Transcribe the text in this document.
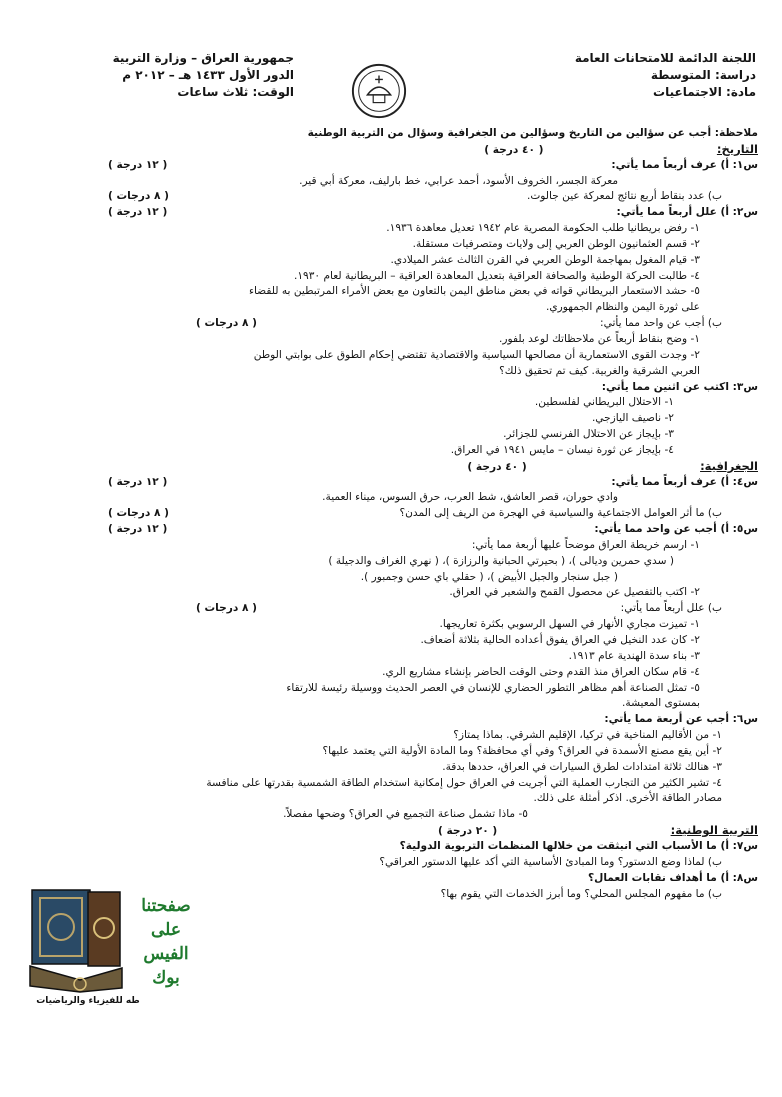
اللجنة الدائمة للامتحانات العامة
دراسة: المتوسطة
مادة: الاجتماعيات
جمهورية العراق – وزارة التربية
الدور الأول ١٤٣٣ هـ – ٢٠١٢ م
الوقت: ثلاث ساعات
ملاحظة: أجب عن سؤالين من التاريخ وسؤالين من الجغرافية وسؤال من التربية الوطنية
التاريخ: ( ٤٠ درجة )
س١: أ) عرف أربعاً مما يأتي:
( ١٢ درجة )
معركة الجسر، الخروف الأسود، أحمد عرابي، خط بارليف، معركة أبي قير.
ب) عدد بنقاط أربع نتائج لمعركة عين جالوت.
( ٨ درجات )
س٢: أ) علل أربعاً مما يأتي:
( ١٢ درجة )
١- رفض بريطانيا طلب الحكومة المصرية عام ١٩٤٢ تعديل معاهدة ١٩٣٦.
٢- قسم العثمانيون الوطن العربي إلى ولايات ومتصرفيات مستقلة.
٣- قيام المغول بمهاجمة الوطن العربي في القرن الثالث عشر الميلادي.
٤- طالبت الحركة الوطنية والصحافة العراقية بتعديل المعاهدة العراقية – البريطانية لعام ١٩٣٠.
٥- حشد الاستعمار البريطاني قواته في بعض مناطق اليمن بالتعاون مع بعض الأمراء المرتبطين به للقضاء
على ثورة اليمن والنظام الجمهوري.
ب) أجب عن واحد مما يأتي:
( ٨ درجات )
١- وضح بنقاط أربعاً عن ملاحظاتك لوعد بلفور.
٢- وجدت القوى الاستعمارية أن مصالحها السياسية والاقتصادية تقتضي إحكام الطوق على بوابتي الوطن
العربي الشرقية والغربية. كيف تم تحقيق ذلك؟
س٣: اكتب عن اثنين مما يأتي:
١- الاحتلال البريطاني لفلسطين.
٢- ناصيف اليازجي.
٣- بإيجاز عن الاحتلال الفرنسي للجزائر.
٤- بإيجاز عن ثورة نيسان – مايس ١٩٤١ في العراق.
الجغرافية: ( ٤٠ درجة )
س٤: أ) عرف أربعاً مما يأتي:
( ١٢ درجة )
وادي حوران، قصر العاشق، شط العرب، حرق السوس، ميناء العمية.
ب) ما أثر العوامل الاجتماعية والسياسية في الهجرة من الريف إلى المدن؟
( ٨ درجات )
س٥: أ) أجب عن واحد مما يأتي:
( ١٢ درجة )
١- ارسم خريطة العراق موضحاً عليها أربعة مما يأتي:
( سدي حمرين وديالى )، ( بحيرتي الحبانية والرزازة )، ( نهري الغراف والدجيلة )
( جبل سنجار والجبل الأبيض )، ( حقلي باي حسن وجمبور ).
٢- اكتب بالتفصيل عن محصول القمح والشعير في العراق.
ب) علل أربعاً مما يأتي:
( ٨ درجات )
١- تميزت مجاري الأنهار في السهل الرسوبي بكثرة تعاريجها.
٢- كان عدد النخيل في العراق يفوق أعداده الحالية بثلاثة أضعاف.
٣- بناء سدة الهندية عام ١٩١٣.
٤- قام سكان العراق منذ القدم وحتى الوقت الحاضر بإنشاء مشاريع الري.
٥- تمثل الصناعة أهم مظاهر التطور الحضاري للإنسان في العصر الحديث ووسيلة رئيسة للارتقاء
بمستوى المعيشة.
س٦: أجب عن أربعة مما يأتي:
١- من الأقاليم المناخية في تركيا، الإقليم الشرقي. بماذا يمتاز؟
٢- أين يقع مصنع الأسمدة في العراق؟ وفي أي محافظة؟ وما المادة الأولية التي يعتمد عليها؟
٣- هنالك ثلاثة امتدادات لطرق السيارات في العراق، حددها بدقة.
٤- تشير الكثير من التجارب العملية التي أجريت في العراق حول إمكانية استخدام الطاقة الشمسية بقدرتها على منافسة
مصادر الطاقة الأخرى. اذكر أمثلة على ذلك.
٥- ماذا تشمل صناعة التجميع في العراق؟ وضحها مفصلاً.
التربية الوطنية: ( ٢٠ درجة )
س٧: أ) ما الأسباب التي انبثقت من خلالها المنظمات التربوية الدولية؟
ب) لماذا وضع الدستور؟ وما المبادئ الأساسية التي أكد عليها الدستور العراقي؟
س٨: أ) ما أهداف نقابات العمال؟
ب) ما مفهوم المجلس المحلي؟ وما أبرز الخدمات التي يقوم بها؟
صفحتنا
على
الفيس
بوك
طه للفيزياء والرياضيات
